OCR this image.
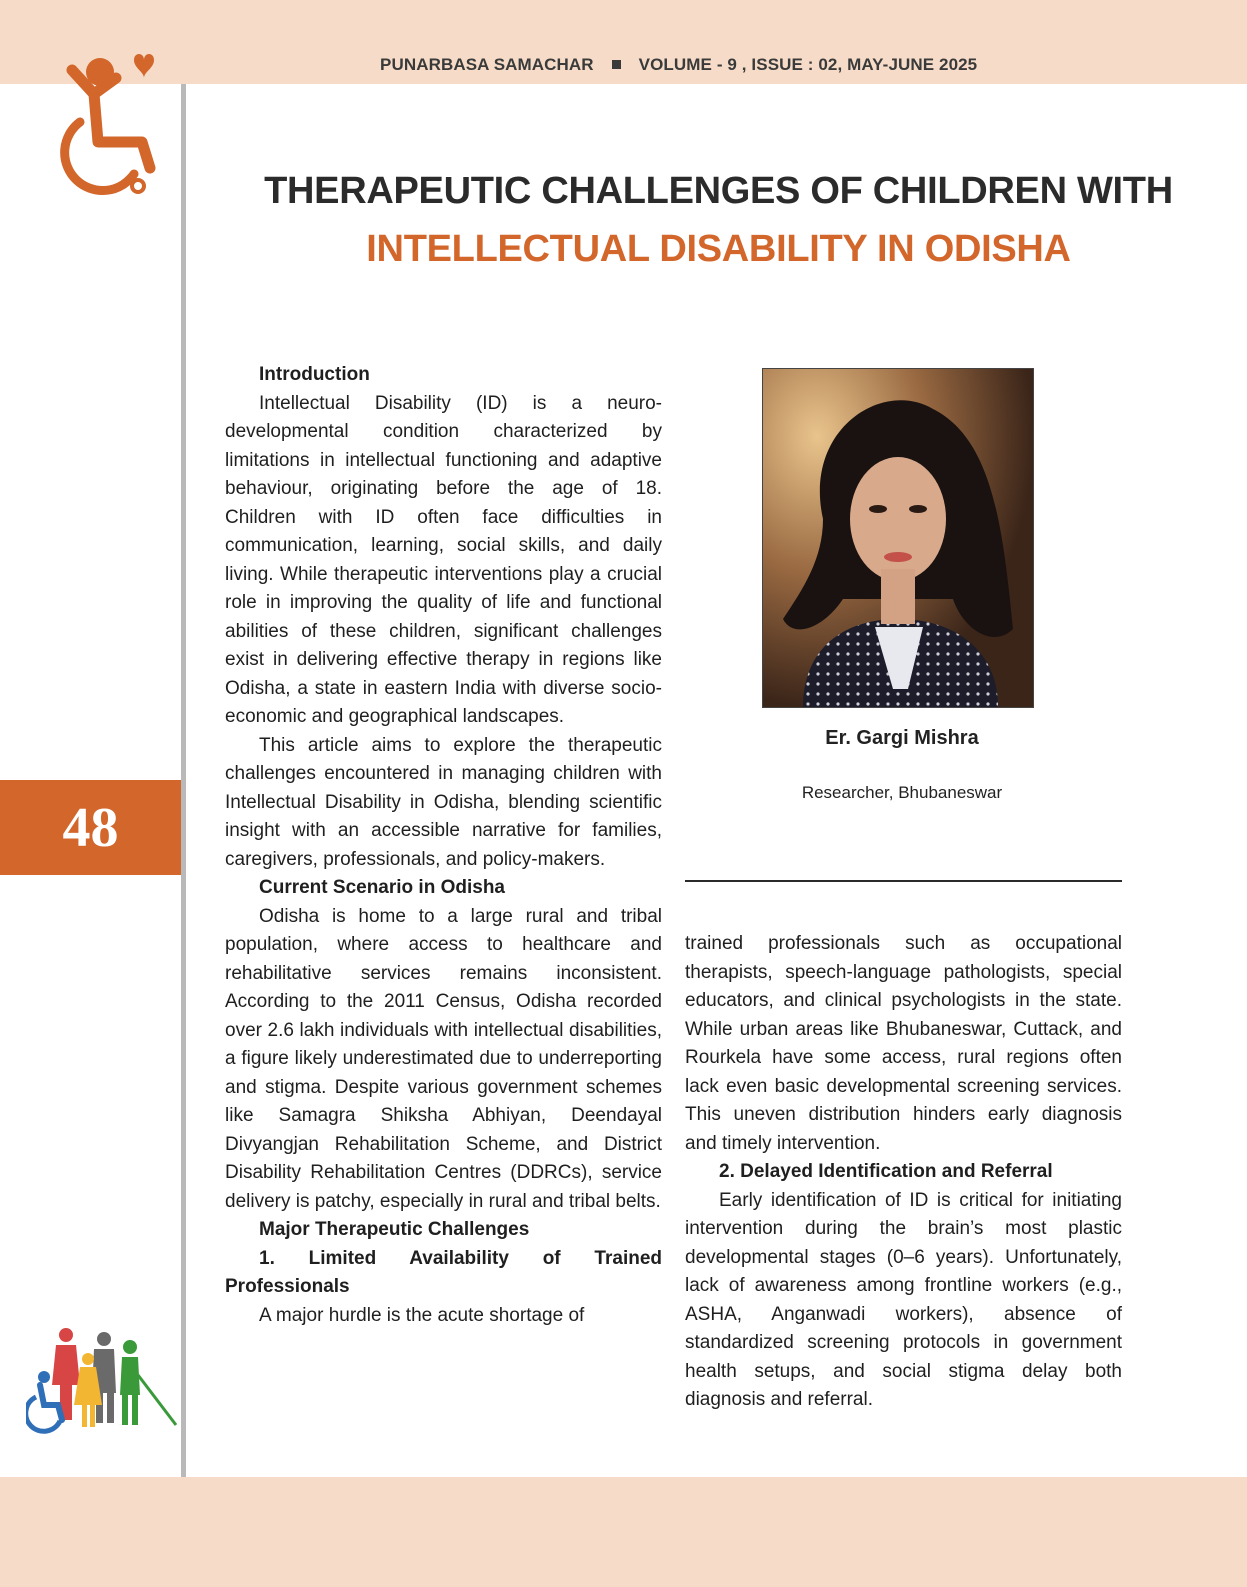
PUNARBASA SAMACHAR	VOLUME - 9 , ISSUE : 02, MAY-JUNE 2025
48
THERAPEUTIC CHALLENGES OF CHILDREN WITH
INTELLECTUAL DISABILITY IN ODISHA
Introduction

Intellectual Disability (ID) is a neuro-developmental condition characterized by limitations in intellectual functioning and adaptive behaviour, originating before the age of 18. Children with ID often face difficulties in communication, learning, social skills, and daily living. While therapeutic interventions play a crucial role in improving the quality of life and functional abilities of these children, significant challenges exist in delivering effective therapy in regions like Odisha, a state in eastern India with diverse socio-economic and geographical landscapes.

This article aims to explore the therapeutic challenges encountered in managing children with Intellectual Disability in Odisha, blending scientific insight with an accessible narrative for families, caregivers, professionals, and policy-makers.

Current Scenario in Odisha

Odisha is home to a large rural and tribal population, where access to healthcare and rehabilitative services remains inconsistent. According to the 2011 Census, Odisha recorded over 2.6 lakh individuals with intellectual disabilities, a figure likely underestimated due to underreporting and stigma. Despite various government schemes like Samagra Shiksha Abhiyan, Deendayal Divyangjan Rehabilitation Scheme, and District Disability Rehabilitation Centres (DDRCs), service delivery is patchy, especially in rural and tribal belts.

Major Therapeutic Challenges
1. Limited Availability of Trained Professionals

A major hurdle is the acute shortage of

Er. Gargi Mishra
Researcher, Bhubaneswar

trained professionals such as occupational therapists, speech-language pathologists, special educators, and clinical psychologists in the state. While urban areas like Bhubaneswar, Cuttack, and Rourkela have some access, rural regions often lack even basic developmental screening services. This uneven distribution hinders early diagnosis and timely intervention.

2. Delayed Identification and Referral

Early identification of ID is critical for initiating intervention during the brain’s most plastic developmental stages (0–6 years). Unfortunately, lack of awareness among frontline workers (e.g., ASHA, Anganwadi workers), absence of standardized screening protocols in government health setups, and social stigma delay both diagnosis and referral.
